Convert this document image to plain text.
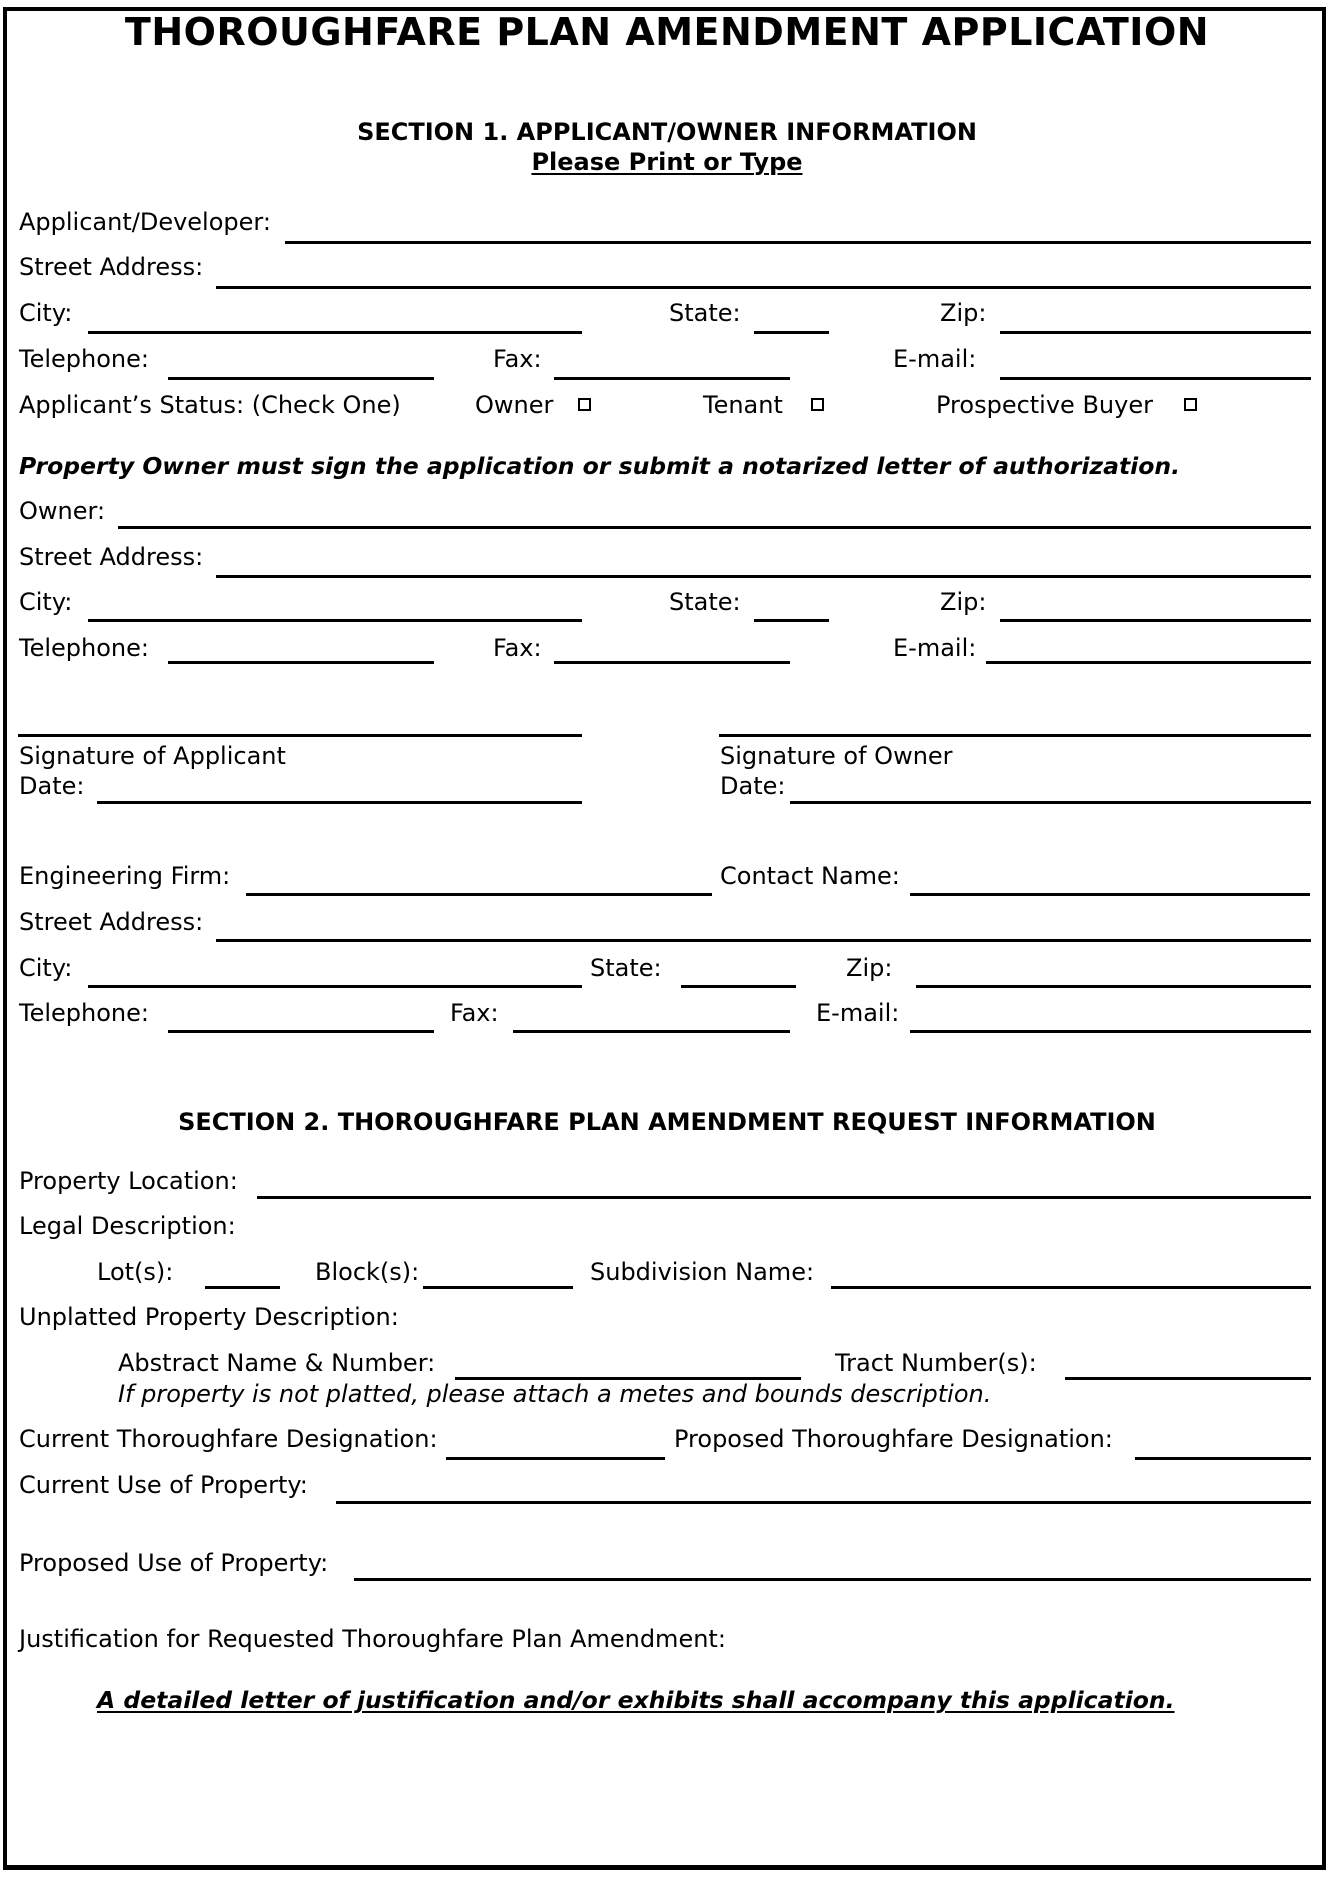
THOROUGHFARE PLAN AMENDMENT APPLICATION
SECTION 1. APPLICANT/OWNER INFORMATION
Please Print or Type
Applicant/Developer:
Street Address:
City:	State:	Zip:
Telephone:	Fax:	E-mail:
Applicant’s Status: (Check One)	Owner	Tenant	Prospective Buyer
Property Owner must sign the application or submit a notarized letter of authorization.
Owner:
Street Address:
City:	State:	Zip:
Telephone:	Fax:	E-mail:
Signature of Applicant
Date:
Signature of Owner
Date:
Engineering Firm:	Contact Name:
Street Address:
City:	State:	Zip:
Telephone:	Fax:	E-mail:
SECTION 2. THOROUGHFARE PLAN AMENDMENT REQUEST INFORMATION
Property Location:
Legal Description:
Lot(s):	Block(s):	Subdivision Name:
Unplatted Property Description:
Abstract Name & Number:	Tract Number(s):
If property is not platted, please attach a metes and bounds description.
Current Thoroughfare Designation:	Proposed Thoroughfare Designation:
Current Use of Property:
Proposed Use of Property:
Justification for Requested Thoroughfare Plan Amendment:
A detailed letter of justification and/or exhibits shall accompany this application.
